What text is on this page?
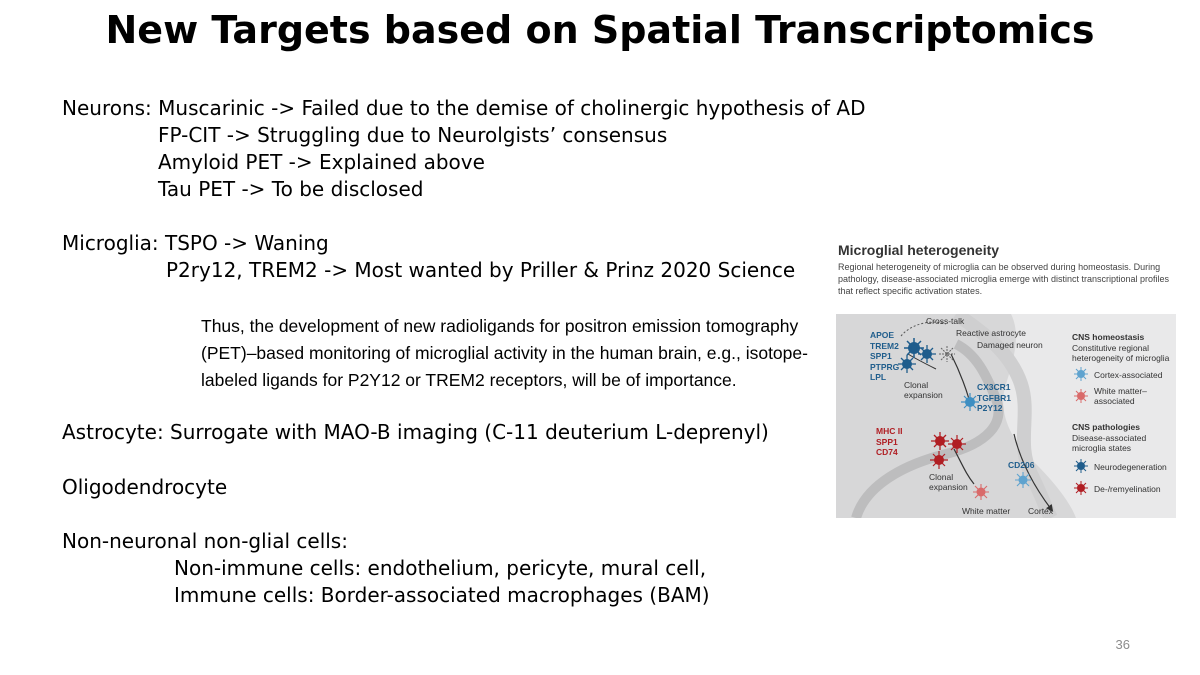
New Targets based on Spatial Transcriptomics
Neurons: Muscarinic -> Failed due to the demise of cholinergic hypothesis of AD
FP-CIT -> Struggling due to Neurolgists’ consensus
Amyloid PET -> Explained above
Tau PET -> To be disclosed
Microglia: TSPO -> Waning
P2ry12, TREM2 -> Most wanted by Priller & Prinz 2020 Science

Thus, the development of new radioligands for positron emission tomography (PET)–based monitoring of microglial activity in the human brain, e.g., isotope-labeled ligands for P2Y12 or TREM2 receptors, will be of importance.

Astrocyte: Surrogate with MAO-B imaging (C-11 deuterium L-deprenyl)
Oligodendrocyte
Non-neuronal non-glial cells:
Non-immune cells: endothelium, pericyte, mural cell,
Immune cells: Border-associated macrophages (BAM)
36
Microglial heterogeneity
Regional heterogeneity of microglia can be observed during homeostasis. During pathology, disease-associated microglia emerge with distinct transcriptional profiles that reflect specific activation states.
APOE
TREM2
SPP1
PTPRG
LPL
Cross-talk
Reactive astrocyte
Damaged neuron
Clonal expansion
CX3CR1
TGFBR1
P2Y12
MHC II
SPP1
CD74
CD206
Clonal expansion
White matter Cortex
CNS homeostasis
Constitutive regional heterogeneity of microglia
Cortex-associated
White matter–associated
CNS pathologies
Disease-associated microglia states
Neurodegeneration
De-/remyelination
